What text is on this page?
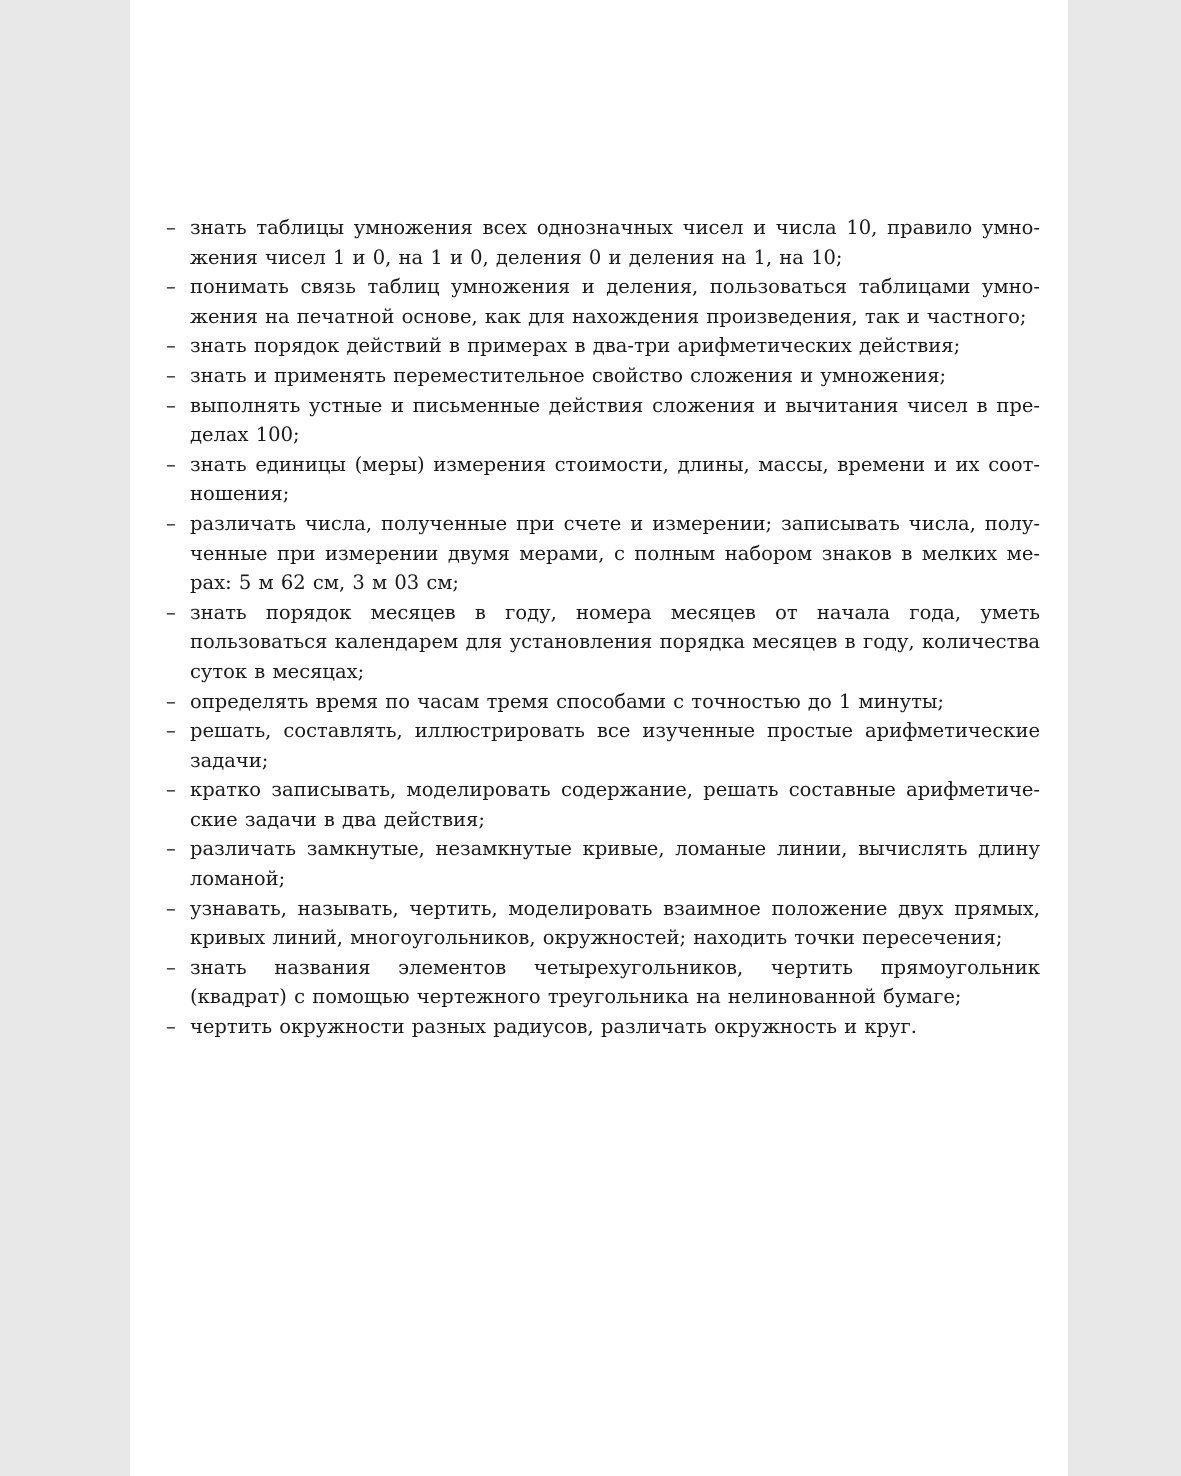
– знать таблицы умножения всех однозначных чисел и числа 10, правило умножения чисел 1 и 0, на 1 и 0, деления 0 и деления на 1, на 10;
– понимать связь таблиц умножения и деления, пользоваться таблицами умножения на печатной основе, как для нахождения произведения, так и частного;
– знать порядок действий в примерах в два-три арифметических действия;
– знать и применять переместительное свойство сложения и умножения;
– выполнять устные и письменные действия сложения и вычитания чисел в пределах 100;
– знать единицы (меры) измерения стоимости, длины, массы, времени и их соотношения;
– различать числа, полученные при счете и измерении; записывать числа, полученные при измерении двумя мерами, с полным набором знаков в мелких мерах: 5 м 62 см, 3 м 03 см;
– знать порядок месяцев в году, номера месяцев от начала года, уметь пользоваться календарем для установления порядка месяцев в году, количества суток в месяцах;
– определять время по часам тремя способами с точностью до 1 минуты;
– решать, составлять, иллюстрировать все изученные простые арифметические задачи;
– кратко записывать, моделировать содержание, решать составные арифметические задачи в два действия;
– различать замкнутые, незамкнутые кривые, ломаные линии, вычислять длину ломаной;
– узнавать, называть, чертить, моделировать взаимное положение двух прямых, кривых линий, многоугольников, окружностей; находить точки пересечения;
– знать названия элементов четырехугольников, чертить прямоугольник (квадрат) с помощью чертежного треугольника на нелинованной бумаге;
– чертить окружности разных радиусов, различать окружность и круг.
